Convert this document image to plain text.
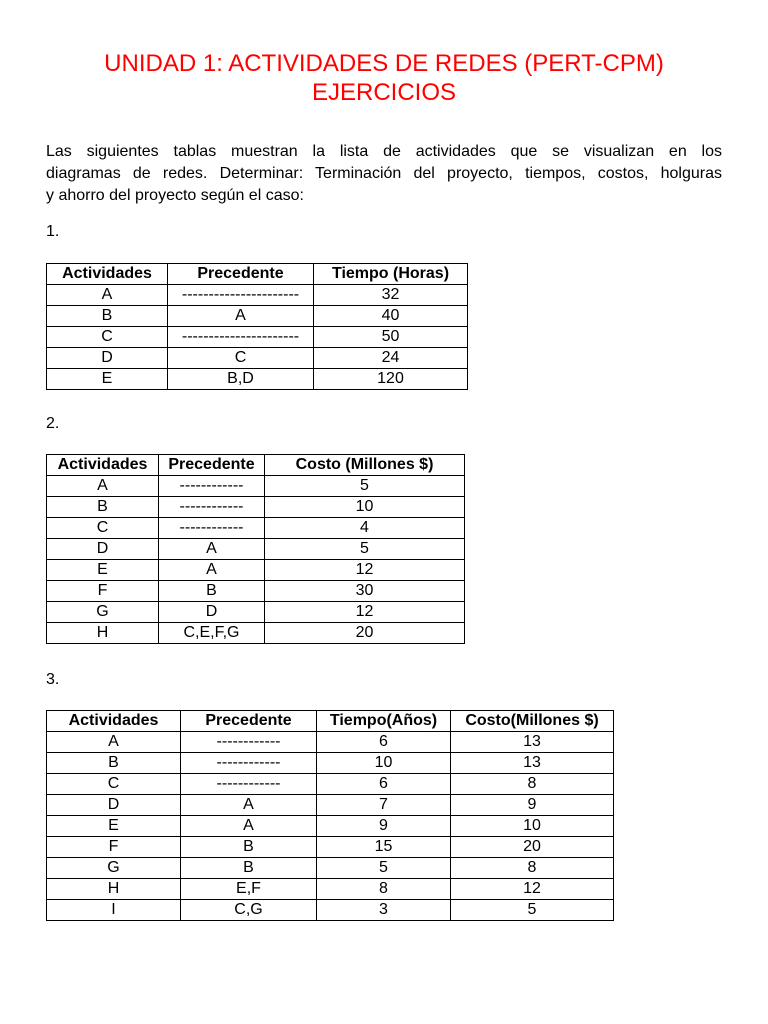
UNIDAD 1: ACTIVIDADES DE REDES (PERT-CPM)
EJERCICIOS

Las siguientes tablas muestran la lista de actividades que se visualizan en los
diagramas de redes. Determinar: Terminación del proyecto, tiempos, costos, holguras
y ahorro del proyecto según el caso:

1.

Actividades	Precedente	Tiempo (Horas)
A	----------------------	32
B	A	40
C	----------------------	50
D	C	24
E	B,D	120

2.

Actividades	Precedente	Costo (Millones $)
A	------------	5
B	------------	10
C	------------	4
D	A	5
E	A	12
F	B	30
G	D	12
H	C,E,F,G	20

3.

Actividades	Precedente	Tiempo(Años)	Costo(Millones $)
A	------------	6	13
B	------------	10	13
C	------------	6	8
D	A	7	9
E	A	9	10
F	B	15	20
G	B	5	8
H	E,F	8	12
I	C,G	3	5
